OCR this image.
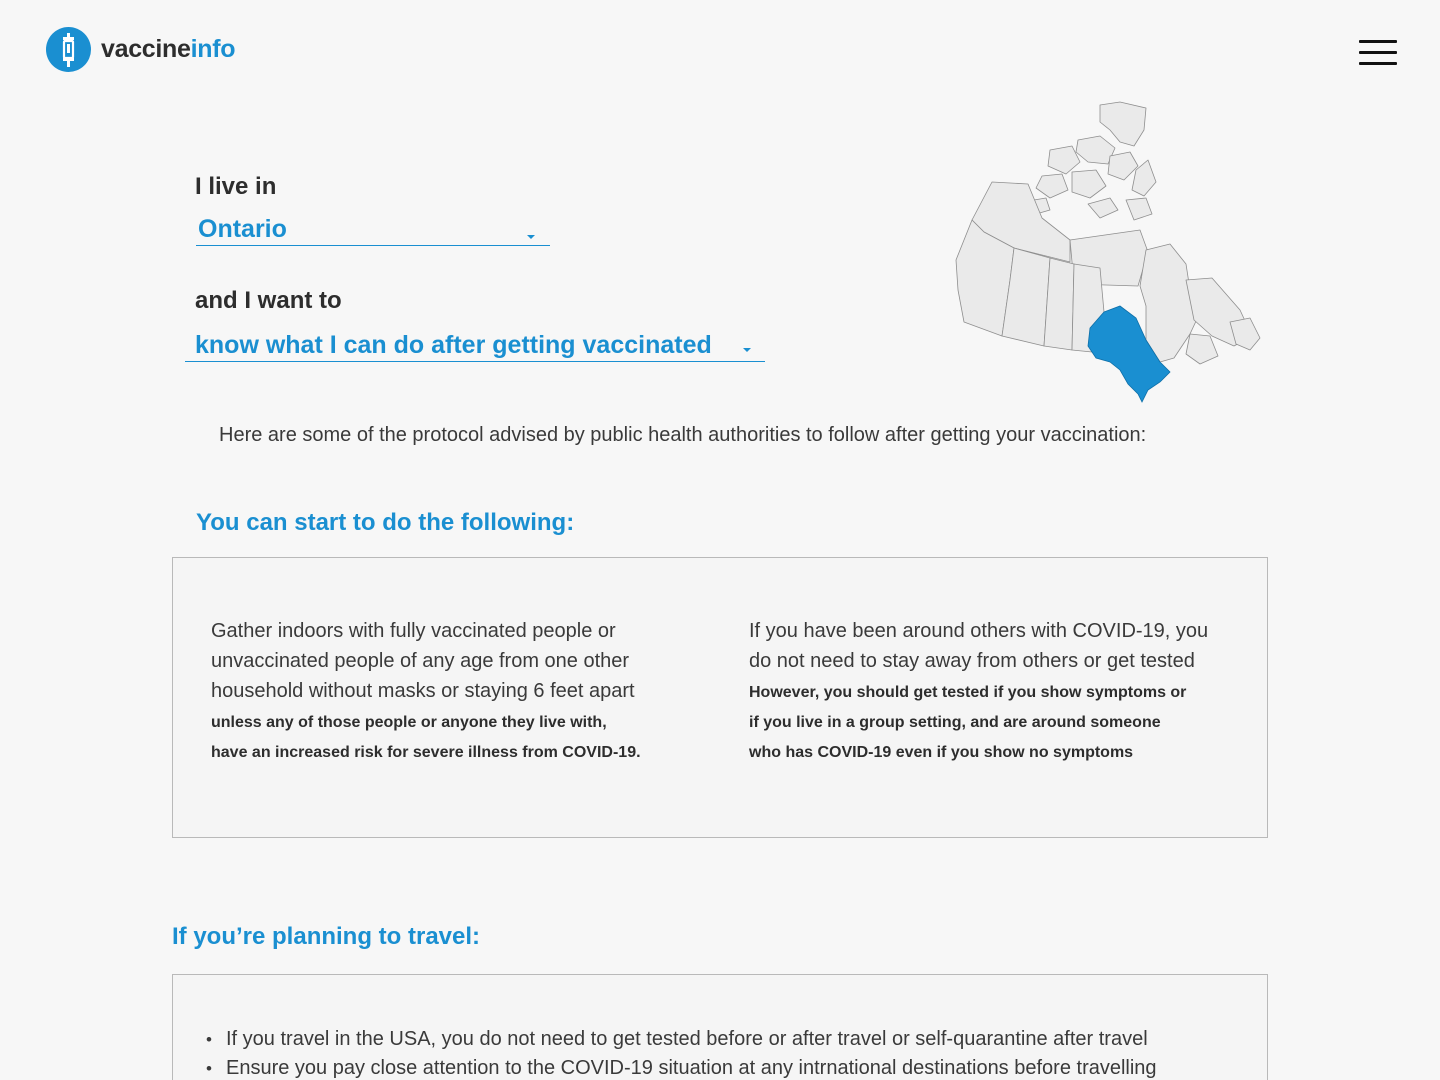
vaccineinfo
I live in
Ontario
and I want to
know what I can do after getting vaccinated
Here are some of the protocol advised by public health authorities to follow after getting your vaccination:
You can start to do the following:
Gather indoors with fully vaccinated people or
unvaccinated people of any age from one other
household without masks or staying 6 feet apart
unless any of those people or anyone they live with,
have an increased risk for severe illness from COVID-19.
If you have been around others with COVID-19, you
do not need to stay away from others or get tested
However, you should get tested if you show symptoms or
if you live in a group setting, and are around someone
who has COVID-19 even if you show no symptoms
If you’re planning to travel:
• If you travel in the USA, you do not need to get tested before or after travel or self-quarantine after travel
• Ensure you pay close attention to the COVID-19 situation at any intrnational destinations before travelling
